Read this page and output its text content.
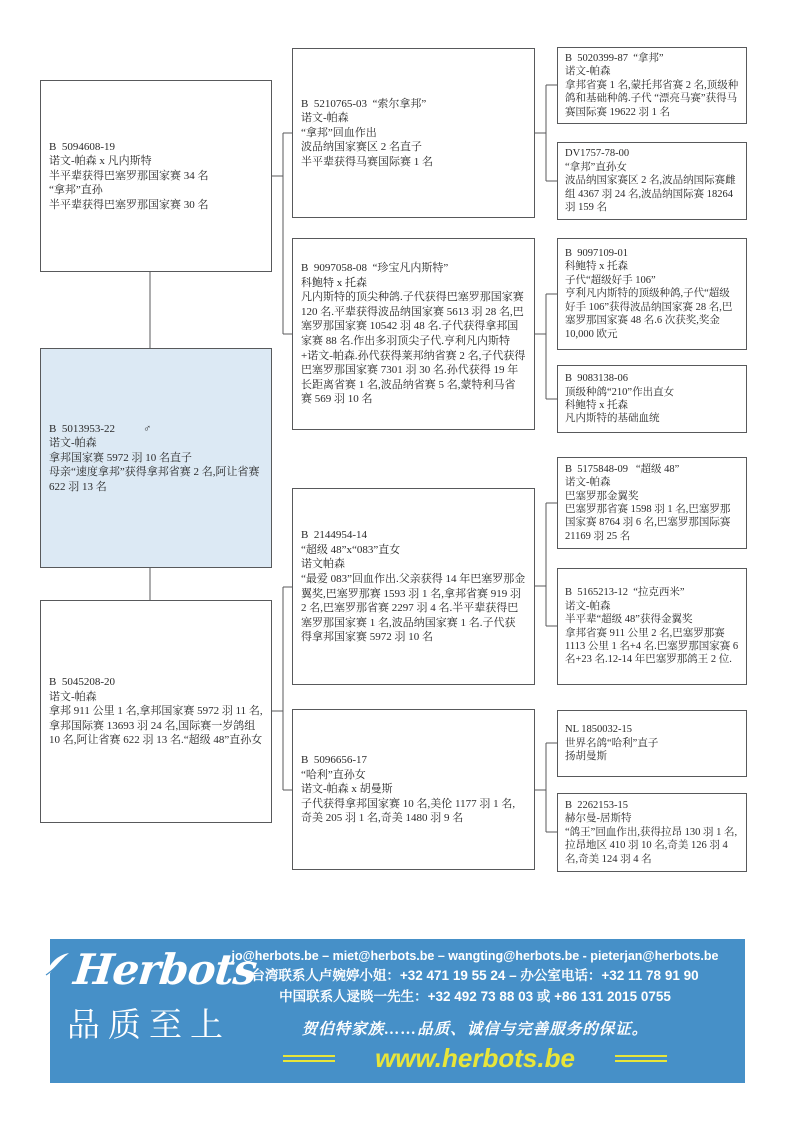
B  5094608-19
诺文-帕森 x 凡内斯特
半平辈获得巴塞罗那国家赛 34 名
“拿邦”直孙
半平辈获得巴塞罗那国家赛 30 名
B  5013953-22	♂
诺文-帕森
拿邦国家赛 5972 羽 10 名直子
母亲“速度拿邦”获得拿邦省赛 2 名,阿让省赛 622 羽 13 名
B  5045208-20
诺文-帕森
拿邦 911 公里 1 名,拿邦国家赛 5972 羽 11 名,拿邦国际赛 13693 羽 24 名,国际赛一岁鸽组 10 名,阿让省赛 622 羽 13 名.“超级 48”直孙女
B  5210765-03  “索尔拿邦”
诺文-帕森
“拿邦”回血作出
波品纳国家赛区 2 名直子
半平辈获得马赛国际赛 1 名
B  9097058-08  “珍宝凡内斯特”
科鲍特 x 托森
凡内斯特的顶尖种鸽.子代获得巴塞罗那国家赛 120 名.平辈获得波品纳国家赛 5613 羽 28 名,巴塞罗那国家赛 10542 羽 48 名.子代获得拿邦国家赛 88 名.作出多羽顶尖子代.亨利凡内斯特+诺文-帕森.孙代获得莱邦纳省赛 2 名,子代获得巴塞罗那国家赛 7301 羽 30 名.孙代获得 19 年长距离省赛 1 名,波品纳省赛 5 名,蒙特利马省赛 569 羽 10 名
B  2144954-14
“超级 48”x“083”直女
诺文帕森
“最爱 083”回血作出.父亲获得 14 年巴塞罗那金翼奖,巴塞罗那赛 1593 羽 1 名,拿邦省赛 919 羽 2 名,巴塞罗那省赛 2297 羽 4 名.半平辈获得巴塞罗那国家赛 1 名,波品纳国家赛 1 名.子代获得拿邦国家赛 5972 羽 10 名
B  5096656-17
“哈利”直孙女
诺文-帕森 x 胡曼斯
子代获得拿邦国家赛 10 名,美伦 1177 羽 1 名,奇美 205 羽 1 名,奇美 1480 羽 9 名
B  5020399-87  “拿邦”
诺文-帕森
拿邦省赛 1 名,蒙托邦省赛 2 名,顶级种鸽和基础种鸽.子代 “漂亮马赛”获得马赛国际赛 19622 羽 1 名
DV1757-78-00
“拿邦”直孙女
波品纳国家赛区 2 名,波品纳国际赛雌组 4367 羽 24 名,波品纳国际赛 18264 羽 159 名
B  9097109-01
科鲍特 x 托森
子代“超级好手 106”
亨利凡内斯特的顶级种鸽,子代“超级好手 106”获得波品纳国家赛 28 名,巴塞罗那国家赛 48 名.6 次获奖,奖金 10,000 欧元
B  9083138-06
顶级种鸽“210”作出直女
科鲍特 x 托森
凡内斯特的基础血统
B  5175848-09   “超级 48”
诺文-帕森
巴塞罗那金翼奖
巴塞罗那省赛 1598 羽 1 名,巴塞罗那国家赛 8764 羽 6 名,巴塞罗那国际赛 21169 羽 25 名
B  5165213-12  “拉克西米”
诺文-帕森
半平辈“超级 48”获得金翼奖
拿邦省赛 911 公里 2 名,巴塞罗那赛 1113 公里 1 名+4 名.巴塞罗那国家赛 6 名+23 名.12-14 年巴塞罗那鸽王 2 位.
NL 1850032-15
世界名鸽“哈利”直子
扬胡曼斯
B  2262153-15
赫尔曼-居斯特
“鸽王”回血作出,获得拉昂 130 羽 1 名,拉昂地区 410 羽 10 名,奇美 126 羽 4 名,奇美 124 羽 4 名
Herbots
品质至上
jo@herbots.be – miet@herbots.be – wangting@herbots.be - pieterjan@herbots.be
台湾联系人卢婉婷小姐：+32 471 19 55 24 – 办公室电话：+32 11 78 91 90
中国联系人逯晱一先生：+32 492 73 88 03 或 +86 131 2015 0755
贺伯特家族……品质、诚信与完善服务的保证。
www.herbots.be
